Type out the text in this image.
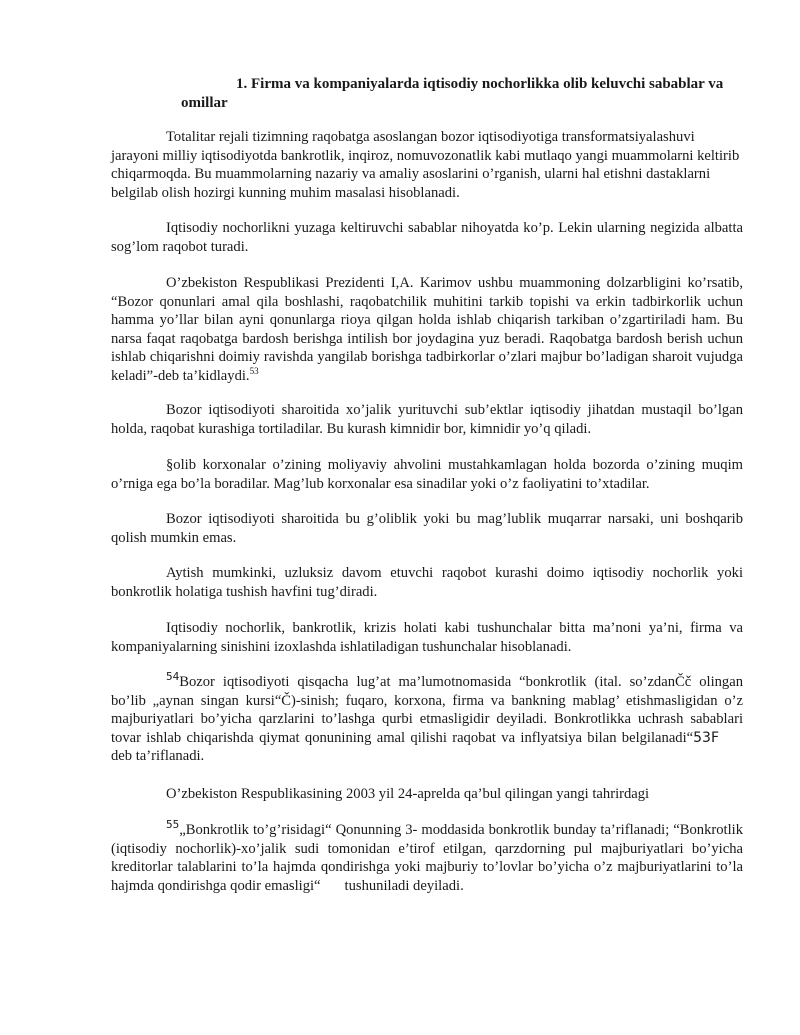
1. Firma va kompaniyalarda iqtisodiy nochorlikka olib keluvchi sabablar va
omillar

Totalitar rejali tizimning raqobatga asoslangan bozor iqtisodiyotiga transformatsiyalashuvi jarayoni milliy iqtisodiyotda bankrotlik, inqiroz, nomuvozonatlik kabi mutlaqo yangi muammolarni keltirib chiqarmoqda. Bu muammolarning nazariy va amaliy asoslarini o’rganish, ularni hal etishni dastaklarni belgilab olish hozirgi kunning muhim masalasi hisoblanadi.

Iqtisodiy nochorlikni yuzaga keltiruvchi sabablar nihoyatda ko’p. Lekin ularning negizida albatta sog’lom raqobot turadi.

O’zbekiston Respublikasi Prezidenti I,A. Karimov ushbu muammoning dolzarbligini ko’rsatib, “Bozor qonunlari amal qila boshlashi, raqobatchilik muhitini tarkib topishi va erkin tadbirkorlik uchun hamma yo’llar bilan ayni qonunlarga rioya qilgan holda ishlab chiqarish tarkiban o’zgartiriladi ham. Bu narsa faqat raqobatga bardosh berishga intilish bor joydagina yuz beradi. Raqobatga bardosh berish uchun ishlab chiqarishni doimiy ravishda yangilab borishga tadbirkorlar o’zlari majbur bo’ladigan sharoit vujudga keladi”-deb ta’kidlaydi.$^{53}$

Bozor iqtisodiyoti sharoitida xo’jalik yurituvchi sub’ektlar iqtisodiy jihatdan mustaqil bo’lgan holda, raqobat kurashiga tortiladilar. Bu kurash kimnidir bor, kimnidir yo’q qiladi.

§olib korxonalar o’zining moliyaviy ahvolini mustahkamlagan holda bozorda o’zining muqim o’rniga ega bo’la boradilar. Mag’lub korxonalar esa sinadilar yoki o’z faoliyatini to’xtadilar.

Bozor iqtisodiyoti sharoitida bu g’oliblik yoki bu mag’lublik muqarrar narsaki, uni boshqarib qolish mumkin emas.

Aytish mumkinki, uzluksiz davom etuvchi raqobot kurashi doimo iqtisodiy nochorlik yoki bonkrotlik holatiga tushish havfini tug’diradi.

Iqtisodiy nochorlik, bankrotlik, krizis holati kabi tushunchalar bitta ma’noni ya’ni, firma va kompaniyalarning sinishini izoxlashda ishlatiladigan tushunchalar hisoblanadi.

$^{54}$Bozor iqtisodiyoti qisqacha lug’at ma’lumotnomasida “bonkrotlik (ital. so’zdanČč olingan bo’lib „aynan singan kursi“Č)-sinish; fuqaro, korxona, firma va bankning mablag’ etishmasligidan o’z majburiyatlari bo’yicha qarzlarini to’lashga qurbi etmasligidir deyiladi. Bonkrotlikka uchrash sabablari tovar ishlab chiqarishda qiymat qonunining amal qilishi raqobat va inflyatsiya bilan belgilanadi“53Fdeb ta’riflanadi.

O’zbekiston Respublikasining 2003 yil 24-aprelda qa’bul qilingan yangi tahrirdagi

$^{55}$„Bonkrotlik to’g’risidagi“ Qonunning 3- moddasida bonkrotlik bunday ta’riflanadi; “Bonkrotlik (iqtisodiy nochorlik)-xo’jalik sudi tomonidan e’tirof etilgan, qarzdorning pul majburiyatlari bo’yicha kreditorlar talablarini to’la hajmda qondirishga yoki majburiy to’lovlar bo’yicha o’z majburiyatlarini to’la hajmda qondirishga qodir emasligi“ tushuniladi deyiladi.
